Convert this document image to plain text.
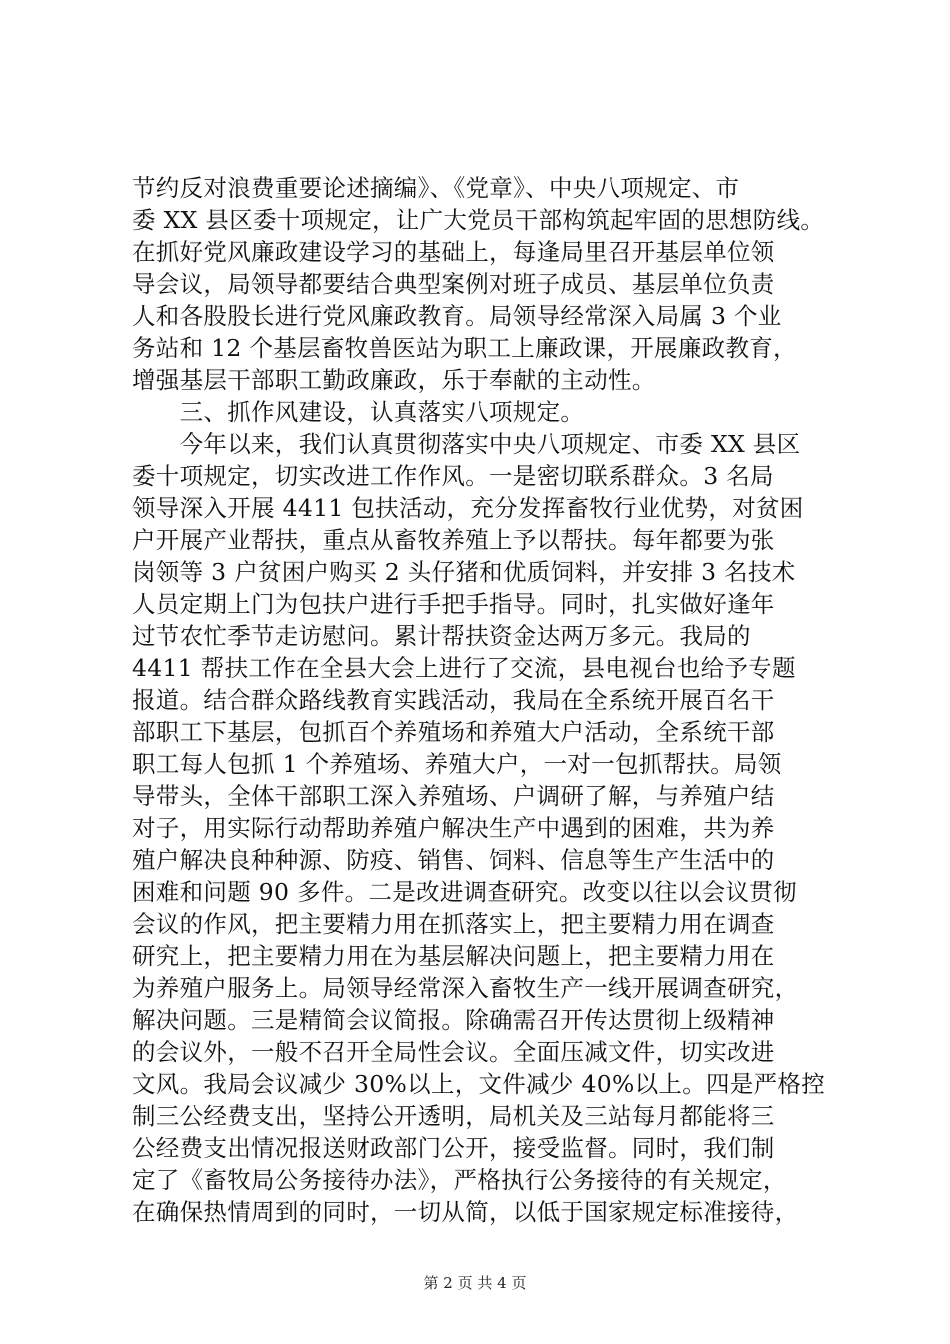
节约反对浪费重要论述摘编》、《党章》、中央八项规定、市
委 XX 县区委十项规定，让广大党员干部构筑起牢固的思想防线。
在抓好党风廉政建设学习的基础上，每逢局里召开基层单位领
导会议，局领导都要结合典型案例对班子成员、基层单位负责
人和各股股长进行党风廉政教育。局领导经常深入局属 3 个业
务站和 12 个基层畜牧兽医站为职工上廉政课，开展廉政教育，
增强基层干部职工勤政廉政，乐于奉献的主动性。
　　三、抓作风建设，认真落实八项规定。
　　今年以来，我们认真贯彻落实中央八项规定、市委 XX 县区
委十项规定，切实改进工作作风。一是密切联系群众。3 名局
领导深入开展 4411 包扶活动，充分发挥畜牧行业优势，对贫困
户开展产业帮扶，重点从畜牧养殖上予以帮扶。每年都要为张
岗领等 3 户贫困户购买 2 头仔猪和优质饲料，并安排 3 名技术
人员定期上门为包扶户进行手把手指导。同时，扎实做好逢年
过节农忙季节走访慰问。累计帮扶资金达两万多元。我局的
4411 帮扶工作在全县大会上进行了交流，县电视台也给予专题
报道。结合群众路线教育实践活动，我局在全系统开展百名干
部职工下基层，包抓百个养殖场和养殖大户活动，全系统干部
职工每人包抓 1 个养殖场、养殖大户，一对一包抓帮扶。局领
导带头，全体干部职工深入养殖场、户调研了解，与养殖户结
对子，用实际行动帮助养殖户解决生产中遇到的困难，共为养
殖户解决良种种源、防疫、销售、饲料、信息等生产生活中的
困难和问题 90 多件。二是改进调查研究。改变以往以会议贯彻
会议的作风，把主要精力用在抓落实上，把主要精力用在调查
研究上，把主要精力用在为基层解决问题上，把主要精力用在
为养殖户服务上。局领导经常深入畜牧生产一线开展调查研究，
解决问题。三是精简会议简报。除确需召开传达贯彻上级精神
的会议外，一般不召开全局性会议。全面压减文件，切实改进
文风。我局会议减少 30%以上，文件减少 40%以上。四是严格控
制三公经费支出，坚持公开透明，局机关及三站每月都能将三
公经费支出情况报送财政部门公开，接受监督。同时，我们制
定了《畜牧局公务接待办法》，严格执行公务接待的有关规定，
在确保热情周到的同时，一切从简，以低于国家规定标准接待，
第 2 页 共 4 页
